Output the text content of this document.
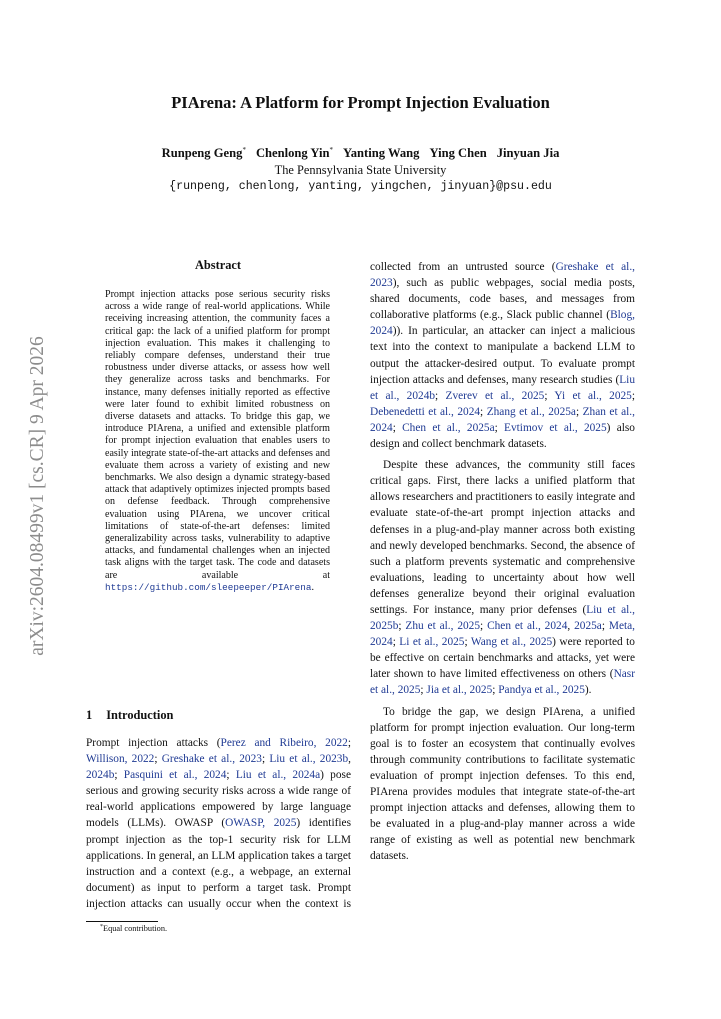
arXiv:2604.08499v1 [cs.CR] 9 Apr 2026
PIArena: A Platform for Prompt Injection Evaluation
Runpeng Geng* Chenlong Yin* Yanting Wang Ying Chen Jinyuan Jia
The Pennsylvania State University
{runpeng, chenlong, yanting, yingchen, jinyuan}@psu.edu
Abstract
Prompt injection attacks pose serious security risks across a wide range of real-world applications. While receiving increasing attention, the community faces a critical gap: the lack of a unified platform for prompt injection evaluation. This makes it challenging to reliably compare defenses, understand their true robustness under diverse attacks, or assess how well they generalize across tasks and benchmarks. For instance, many defenses initially reported as effective were later found to exhibit limited robustness on diverse datasets and attacks. To bridge this gap, we introduce PIArena, a unified and extensible platform for prompt injection evaluation that enables users to easily integrate state-of-the-art attacks and defenses and evaluate them across a variety of existing and new benchmarks. We also design a dynamic strategy-based attack that adaptively optimizes injected prompts based on defense feedback. Through comprehensive evaluation using PIArena, we uncover critical limitations of state-of-the-art defenses: limited generalizability across tasks, vulnerability to adaptive attacks, and fundamental challenges when an injected task aligns with the target task. The code and datasets are available at https://github.com/sleepeeper/PIArena.
1 Introduction

Prompt injection attacks (Perez and Ribeiro, 2022; Willison, 2022; Greshake et al., 2023; Liu et al., 2023b, 2024b; Pasquini et al., 2024; Liu et al., 2024a) pose serious and growing security risks across a wide range of real-world applications empowered by large language models (LLMs). OWASP (OWASP, 2025) identifies prompt injection as the top-1 security risk for LLM applications. In general, an LLM application takes a target instruction and a context (e.g., a webpage, an external document) as input to perform a target task. Prompt injection attacks can usually occur when the context is

*Equal contribution.

collected from an untrusted source (Greshake et al., 2023), such as public webpages, social media posts, shared documents, code bases, and messages from collaborative platforms (e.g., Slack public channel (Blog, 2024)). In particular, an attacker can inject a malicious text into the context to manipulate a backend LLM to output the attacker-desired output. To evaluate prompt injection attacks and defenses, many research studies (Liu et al., 2024b; Zverev et al., 2025; Yi et al., 2025; Debenedetti et al., 2024; Zhang et al., 2025a; Zhan et al., 2024; Chen et al., 2025a; Evtimov et al., 2025) also design and collect benchmark datasets.

Despite these advances, the community still faces critical gaps. First, there lacks a unified platform that allows researchers and practitioners to easily integrate and evaluate state-of-the-art prompt injection attacks and defenses in a plug-and-play manner across both existing and newly developed benchmarks. Second, the absence of such a platform prevents systematic and comprehensive evaluations, leading to uncertainty about how well defenses generalize beyond their original evaluation settings. For instance, many prior defenses (Liu et al., 2025b; Zhu et al., 2025; Chen et al., 2024, 2025a; Meta, 2024; Li et al., 2025; Wang et al., 2025) were reported to be effective on certain benchmarks and attacks, yet were later shown to have limited effectiveness on others (Nasr et al., 2025; Jia et al., 2025; Pandya et al., 2025).

To bridge the gap, we design PIArena, a unified platform for prompt injection evaluation. Our long-term goal is to foster an ecosystem that continually evolves through community contributions to facilitate systematic evaluation of prompt injection defenses. To this end, PIArena provides modules that integrate state-of-the-art prompt injection attacks and defenses, allowing them to be evaluated in a plug-and-play manner across a wide range of existing as well as potential new benchmark datasets.
